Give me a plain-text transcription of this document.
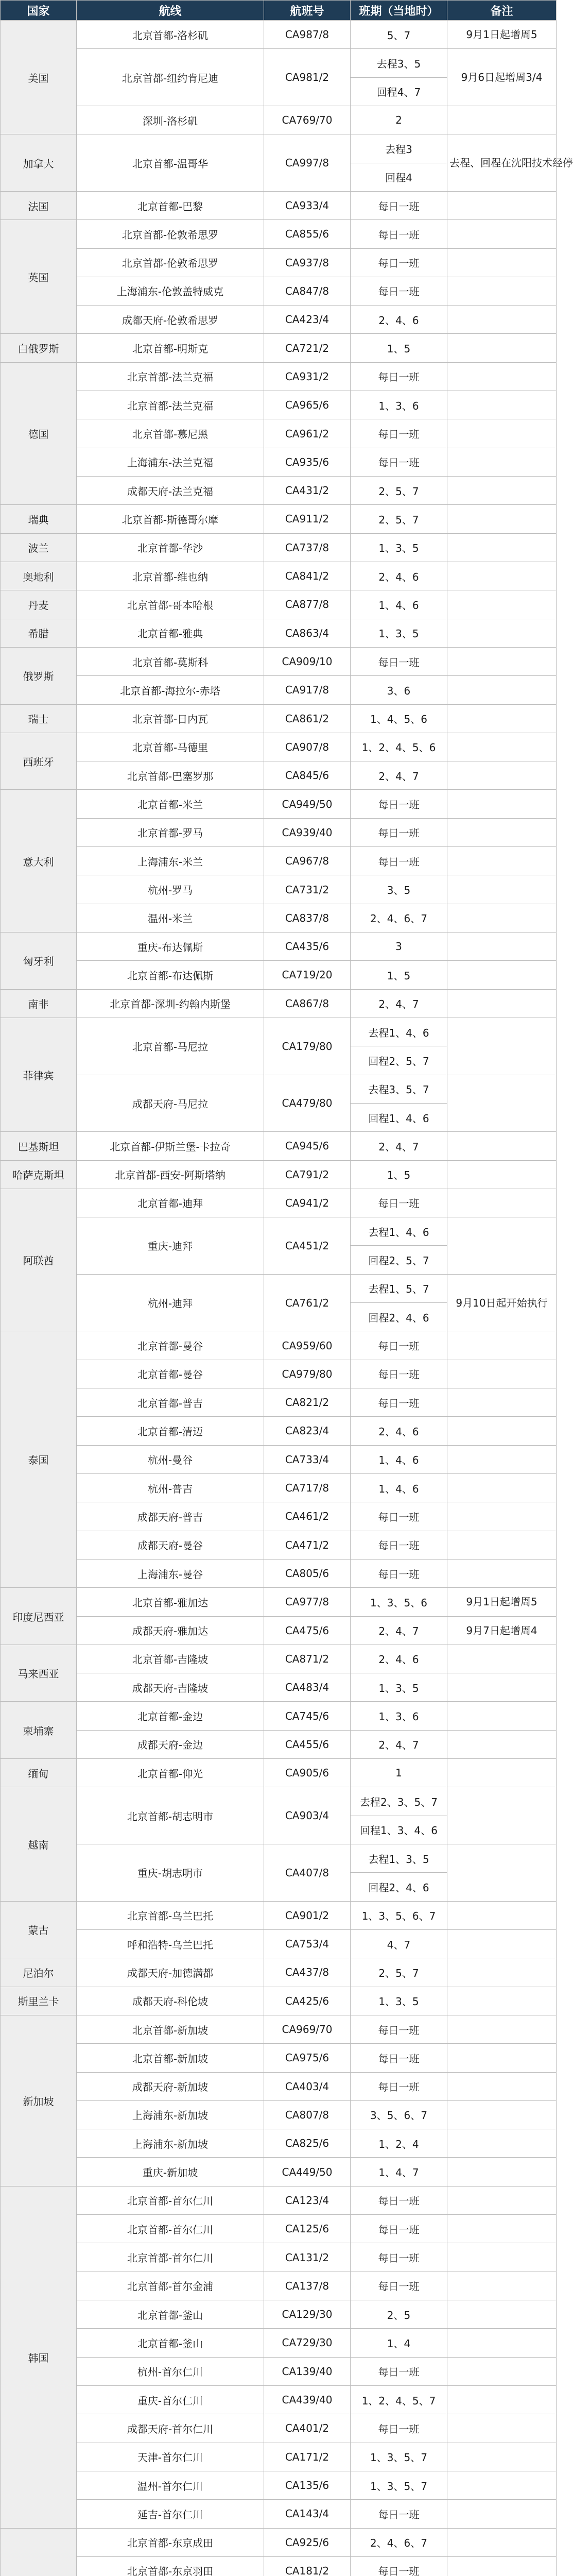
国家	航线	航班号	班期（当地时）	备注
美国	北京首都-洛杉矶	CA987/8	5、7	9月1日起增周5
	北京首都-纽约肯尼迪	CA981/2	去程3、5	9月6日起增周3/4
			回程4、7	
	深圳-洛杉矶	CA769/70	2	
加拿大	北京首都-温哥华	CA997/8	去程3	去程、回程在沈阳技术经停
			回程4	
法国	北京首都-巴黎	CA933/4	每日一班	
英国	北京首都-伦敦希思罗	CA855/6	每日一班	
	北京首都-伦敦希思罗	CA937/8	每日一班	
	上海浦东-伦敦盖特威克	CA847/8	每日一班	
	成都天府-伦敦希思罗	CA423/4	2、4、6	
白俄罗斯	北京首都-明斯克	CA721/2	1、5	
德国	北京首都-法兰克福	CA931/2	每日一班	
	北京首都-法兰克福	CA965/6	1、3、6	
	北京首都-慕尼黑	CA961/2	每日一班	
	上海浦东-法兰克福	CA935/6	每日一班	
	成都天府-法兰克福	CA431/2	2、5、7	
瑞典	北京首都-斯德哥尔摩	CA911/2	2、5、7	
波兰	北京首都-华沙	CA737/8	1、3、5	
奥地利	北京首都-维也纳	CA841/2	2、4、6	
丹麦	北京首都-哥本哈根	CA877/8	1、4、6	
希腊	北京首都-雅典	CA863/4	1、3、5	
俄罗斯	北京首都-莫斯科	CA909/10	每日一班	
	北京首都-海拉尔-赤塔	CA917/8	3、6	
瑞士	北京首都-日内瓦	CA861/2	1、4、5、6	
西班牙	北京首都-马德里	CA907/8	1、2、4、5、6	
	北京首都-巴塞罗那	CA845/6	2、4、7	
意大利	北京首都-米兰	CA949/50	每日一班	
	北京首都-罗马	CA939/40	每日一班	
	上海浦东-米兰	CA967/8	每日一班	
	杭州-罗马	CA731/2	3、5	
	温州-米兰	CA837/8	2、4、6、7	
匈牙利	重庆-布达佩斯	CA435/6	3	
	北京首都-布达佩斯	CA719/20	1、5	
南非	北京首都-深圳-约翰内斯堡	CA867/8	2、4、7	
菲律宾	北京首都-马尼拉	CA179/80	去程1、4、6	
			回程2、5、7	
	成都天府-马尼拉	CA479/80	去程3、5、7	
			回程1、4、6	
巴基斯坦	北京首都-伊斯兰堡-卡拉奇	CA945/6	2、4、7	
哈萨克斯坦	北京首都-西安-阿斯塔纳	CA791/2	1、5	
阿联酋	北京首都-迪拜	CA941/2	每日一班	
	重庆-迪拜	CA451/2	去程1、4、6	
			回程2、5、7	
	杭州-迪拜	CA761/2	去程1、5、7	9月10日起开始执行
			回程2、4、6	
泰国	北京首都-曼谷	CA959/60	每日一班	
	北京首都-曼谷	CA979/80	每日一班	
	北京首都-普吉	CA821/2	每日一班	
	北京首都-清迈	CA823/4	2、4、6	
	杭州-曼谷	CA733/4	1、4、6	
	杭州-普吉	CA717/8	1、4、6	
	成都天府-普吉	CA461/2	每日一班	
	成都天府-曼谷	CA471/2	每日一班	
	上海浦东-曼谷	CA805/6	每日一班	
印度尼西亚	北京首都-雅加达	CA977/8	1、3、5、6	9月1日起增周5
	成都天府-雅加达	CA475/6	2、4、7	9月7日起增周4
马来西亚	北京首都-吉隆坡	CA871/2	2、4、6	
	成都天府-吉隆坡	CA483/4	1、3、5	
柬埔寨	北京首都-金边	CA745/6	1、3、6	
	成都天府-金边	CA455/6	2、4、7	
缅甸	北京首都-仰光	CA905/6	1	
越南	北京首都-胡志明市	CA903/4	去程2、3、5、7	
			回程1、3、4、6	
	重庆-胡志明市	CA407/8	去程1、3、5	
			回程2、4、6	
蒙古	北京首都-乌兰巴托	CA901/2	1、3、5、6、7	
	呼和浩特-乌兰巴托	CA753/4	4、7	
尼泊尔	成都天府-加德满都	CA437/8	2、5、7	
斯里兰卡	成都天府-科伦坡	CA425/6	1、3、5	
新加坡	北京首都-新加坡	CA969/70	每日一班	
	北京首都-新加坡	CA975/6	每日一班	
	成都天府-新加坡	CA403/4	每日一班	
	上海浦东-新加坡	CA807/8	3、5、6、7	
	上海浦东-新加坡	CA825/6	1、2、4	
	重庆-新加坡	CA449/50	1、4、7	
韩国	北京首都-首尔仁川	CA123/4	每日一班	
	北京首都-首尔仁川	CA125/6	每日一班	
	北京首都-首尔仁川	CA131/2	每日一班	
	北京首都-首尔金浦	CA137/8	每日一班	
	北京首都-釜山	CA129/30	2、5	
	北京首都-釜山	CA729/30	1、4	
	杭州-首尔仁川	CA139/40	每日一班	
	重庆-首尔仁川	CA439/40	1、2、4、5、7	
	成都天府-首尔仁川	CA401/2	每日一班	
	天津-首尔仁川	CA171/2	1、3、5、7	
	温州-首尔仁川	CA135/6	1、3、5、7	
	延吉-首尔仁川	CA143/4	每日一班	
	北京首都-东京成田	CA925/6	2、4、6、7	
	北京首都-东京羽田	CA181/2	每日一班	
